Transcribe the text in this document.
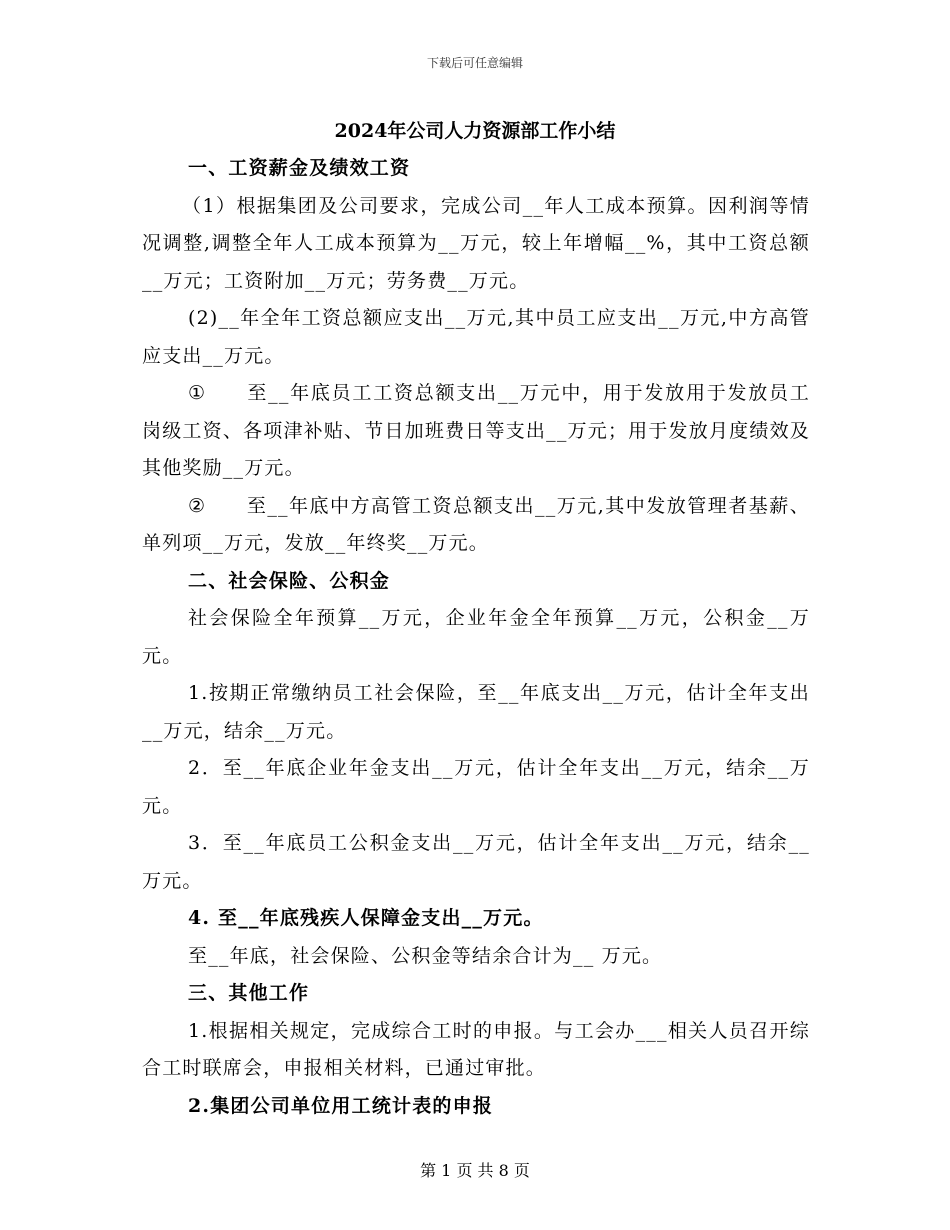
下载后可任意编辑
2024年公司人力资源部工作小结

一、工资薪金及绩效工资

（1）根据集团及公司要求，完成公司__年人工成本预算。因利润等情况调整,调整全年人工成本预算为__万元，较上年增幅__%，其中工资总额__万元；工资附加__万元；劳务费__万元。

(2)__年全年工资总额应支出__万元,其中员工应支出__万元,中方高管应支出__万元。

① 至__年底员工工资总额支出__万元中，用于发放用于发放员工岗级工资、各项津补贴、节日加班费日等支出__万元；用于发放月度绩效及其他奖励__万元。

② 至__年底中方高管工资总额支出__万元,其中发放管理者基薪、单列项__万元，发放__年终奖__万元。

二、社会保险、公积金

社会保险全年预算__万元，企业年金全年预算__万元，公积金__万元。

1.按期正常缴纳员工社会保险，至__年底支出__万元，估计全年支出__万元，结余__万元。

2．至__年底企业年金支出__万元，估计全年支出__万元，结余__万元。

3．至__年底员工公积金支出__万元，估计全年支出__万元，结余__万元。

4. 至__年底残疾人保障金支出__万元。

至__年底，社会保险、公积金等结余合计为__ 万元。

三、其他工作

1.根据相关规定，完成综合工时的申报。与工会办___相关人员召开综合工时联席会，申报相关材料，已通过审批。

2.集团公司单位用工统计表的申报

第 1 页 共 8 页
